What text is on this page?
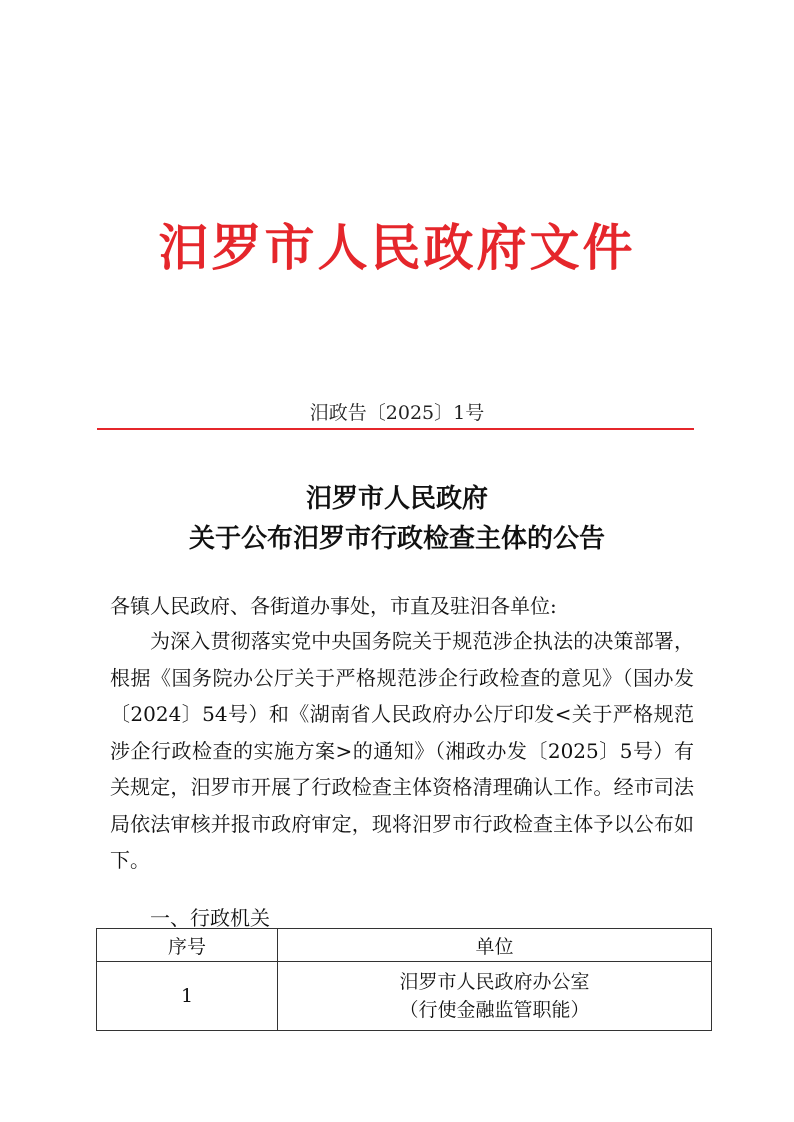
汨罗市人民政府文件
汨政告〔2025〕1号
汨罗市人民政府
关于公布汨罗市行政检查主体的公告
各镇人民政府、各街道办事处，市直及驻汨各单位:

为深入贯彻落实党中央国务院关于规范涉企执法的决策部署，根据《国务院办公厅关于严格规范涉企行政检查的意见》（国办发〔2024〕54号）和《湖南省人民政府办公厅印发<关于严格规范涉企行政检查的实施方案>的通知》（湘政办发〔2025〕5号）有关规定，汨罗市开展了行政检查主体资格清理确认工作。经市司法局依法审核并报市政府审定，现将汨罗市行政检查主体予以公布如下。

一、行政机关
序号	单位
1	汨罗市人民政府办公室
（行使金融监管职能）
